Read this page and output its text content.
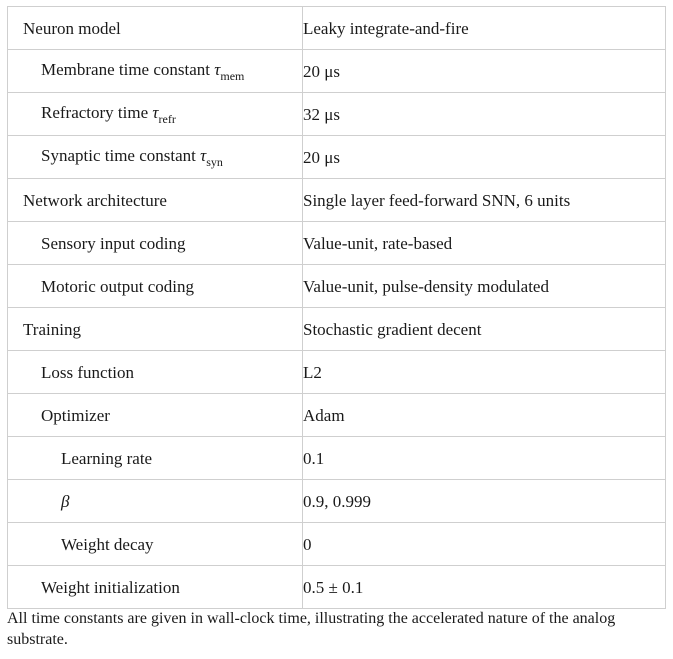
Neuron model	Leaky integrate-and-fire
Membrane time constant $\tau_{mem}$	20 μs
Refractory time $\tau_{refr}$	32 μs
Synaptic time constant $\tau_{syn}$	20 μs
Network architecture	Single layer feed-forward SNN, 6 units
Sensory input coding	Value-unit, rate-based
Motoric output coding	Value-unit, pulse-density modulated
Training	Stochastic gradient decent
Loss function	L2
Optimizer	Adam
Learning rate	0.1
β	0.9, 0.999
Weight decay	0
Weight initialization	0.5 ± 0.1
All time constants are given in wall-clock time, illustrating the accelerated nature of the analog substrate.
